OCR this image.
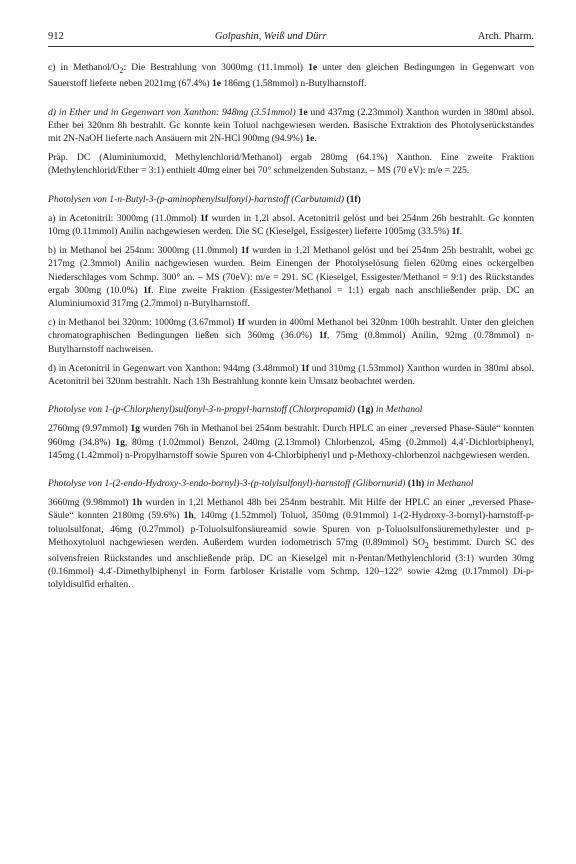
912	Golpashin, Weiß und Dürr	Arch. Pharm.

c) in Methanol/$O_2$: Die Bestrahlung von 3000mg (11.1mmol) 1e unter den gleichen Bedingungen in Gegenwart von Sauerstoff lieferte neben 2021mg (67.4%) 1e 186mg (1.58mmol) n-Butylharnstoff.

d) in Ether und in Gegenwart von Xanthon: 948mg (3.51mmol) 1e und 437mg (2.23mmol) Xanthon wurden in 380ml absol. Ether bei 320nm 8h bestrahlt. Gc konnte kein Toluol nachgewiesen werden. Basische Extraktion des Photolyserückstandes mit 2N-NaOH lieferte nach Ansäuern mit 2N-HCl 900mg (94.9%) 1e.

Präp. DC (Aluminiumoxid, Methylenchlorid/Methanol) ergab 280mg (64.1%) Xanthon. Eine zweite Fraktion (Methylenchlorid/Ether = 3:1) enthielt 40mg einer bei 70° schmelzenden Substanz. – MS (70 eV): m/e = 225.

Photolysen von 1-n-Butyl-3-(p-aminophenylsulfonyl)-harnstoff (Carbutamid) (1f)

a) in Acetonitril: 3000mg (11.0mmol) 1f wurden in 1,2l absol. Acetonitril gelöst und bei 254nm 26h bestrahlt. Gc konnten 10mg (0.11mmol) Anilin nachgewiesen werden. Die SC (Kieselgel, Essigester) lieferte 1005mg (33.5%) 1f.

b) in Methanol bei 254nm: 3000mg (11.0mmol) 1f wurden in 1,2l Methanol gelöst und bei 254nm 25h bestrahlt, wobei gc 217mg (2.3mmol) Anilin nachgewiesen wurden. Beim Einengen der Photolyselösung fielen 620mg eines ockergelben Niederschlages vom Schmp. 300° an. – MS (70eV): m/e = 291. SC (Kieselgel, Essigester/Methanol = 9:1) des Rückstandes ergab 300mg (10.0%) 1f. Eine zweite Fraktion (Essigester/Methanol = 1:1) ergab nach anschließender präp. DC an Aluminiumoxid 317mg (2.7mmol) n-Butylharnstoff.

c) in Methanol bei 320nm: 1000mg (3.67mmol) 1f wurden in 400ml Methanol bei 320nm 100h bestrahlt. Unter den gleichen chromatographischen Bedingungen ließen sich 360mg (36.0%) 1f, 75mg (0.8mmol) Anilin, 92mg (0.78mmol) n-Butylharnstoff nachweisen.

d) in Acetonitril in Gegenwart von Xanthon: 944mg (3.48mmol) 1f und 310mg (1.53mmol) Xanthon wurden in 380ml absol. Acetonitril bei 320nm bestrahlt. Nach 13h Bestrahlung konnte kein Umsatz beobachtet werden.

Photolyse von 1-(p-Chlorphenyl)sulfonyl-3-n-propyl-harnstoff (Chlorpropamid) (1g) in Methanol

2760mg (9.97mmol) 1g wurden 76h in Methanol bei 254nm bestrahlt. Durch HPLC an einer „reversed Phase-Säule“ konnten 960mg (34.8%) 1g, 80mg (1.02mmol) Benzol, 240mg (2.13mmol) Chlorbenzol, 45mg (0.2mmol) 4,4′-Dichlorbiphenyl, 145mg (1.42mmol) n-Propylharnstoff sowie Spuren von 4-Chlorbiphenyl und p-Methoxy-chlorbenzol nachgewiesen werden.

Photolyse von 1-(2-endo-Hydroxy-3-endo-bornyl)-3-(p-tolylsulfonyl)-harnstoff (Glibornurid) (1h) in Methanol

3660mg (9.98mmol) 1h wurden in 1,2l Methanol 48h bei 254nm bestrahlt. Mit Hilfe der HPLC an einer „reversed Phase-Säule“ konnten 2180mg (59.6%) 1h, 140mg (1.52mmol) Toluol, 350mg (0.91mmol) 1-(2-Hydroxy-3-bornyl)-harnstoff-p-toluolsulfonat, 46mg (0.27mmol) p-Toluolsulfonsäureamid sowie Spuren von p-Toluolsulfonsäuremethylester und p-Methoxytoluol nachgewiesen werden. Außerdem wurden iodometrisch 57mg (0.89mmol) $SO_2$ bestimmt. Durch SC des solvensfreien Rückstandes und anschließende präp. DC an Kieselgel mit n-Pentan/Methylenchlorid (3:1) wurden 30mg (0.16mmol) 4,4′-Dimethylbiphenyl in Form farbloser Kristalle vom Schmp. 120–122° sowie 42mg (0.17mmol) Di-p-tolyldisulfid erhalten.
